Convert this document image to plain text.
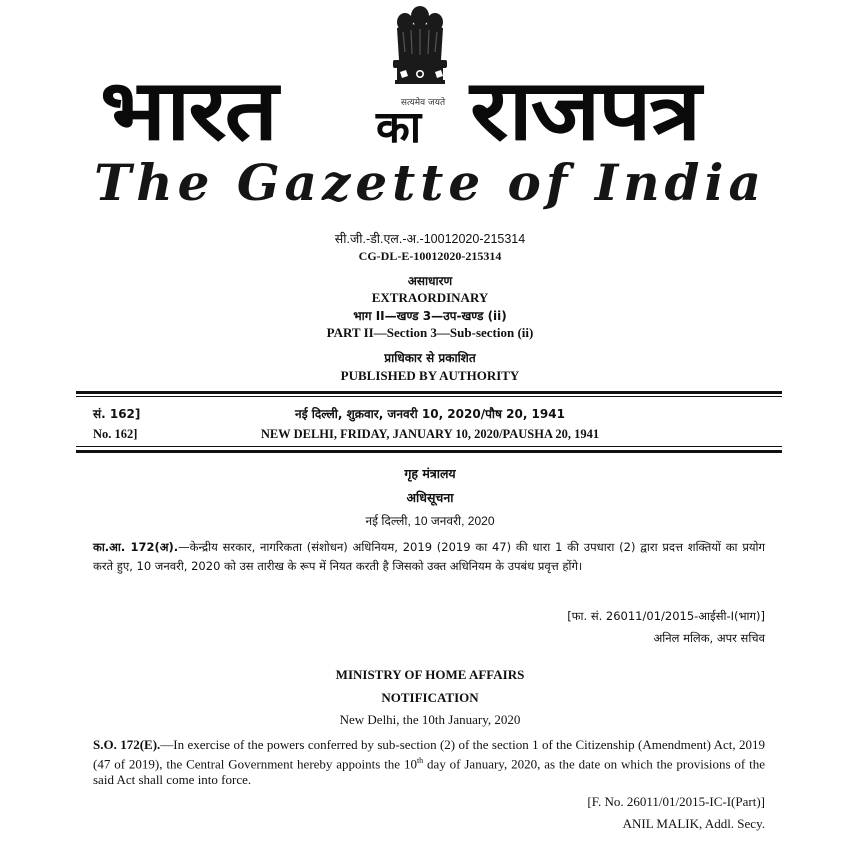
सत्यमेव जयते
भारत का राजपत्र
The Gazette of India
सी.जी.-डी.एल.-अ.-10012020-215314
CG-DL-E-10012020-215314
असाधारण
EXTRAORDINARY
भाग II—खण्ड 3—उप-खण्ड (ii)
PART II—Section 3—Sub-section (ii)
प्राधिकार से प्रकाशित
PUBLISHED BY AUTHORITY
सं. 162]	नई दिल्ली, शुक्रवार, जनवरी 10, 2020/पौष 20, 1941
No. 162]	NEW DELHI, FRIDAY, JANUARY 10, 2020/PAUSHA 20, 1941
गृह मंत्रालय
अधिसूचना
नई दिल्ली, 10 जनवरी, 2020
का.आ. 172(अ).—केन्द्रीय सरकार, नागरिकता (संशोधन) अधिनियम, 2019 (2019 का 47) की धारा 1 की उपधारा (2) द्वारा प्रदत्त शक्तियों का प्रयोग करते हुए, 10 जनवरी, 2020 को उस तारीख के रूप में नियत करती है जिसको उक्त अधिनियम के उपबंध प्रवृत्त होंगे।
[फा. सं. 26011/01/2015-आईसी-I(भाग)]
अनिल मलिक, अपर सचिव
MINISTRY OF HOME AFFAIRS
NOTIFICATION
New Delhi, the 10th January, 2020
S.O. 172(E).—In exercise of the powers conferred by sub-section (2) of the section 1 of the Citizenship (Amendment) Act, 2019 (47 of 2019), the Central Government hereby appoints the 10th day of January, 2020, as the date on which the provisions of the said Act shall come into force.
[F. No. 26011/01/2015-IC-I(Part)]
ANIL MALIK, Addl. Secy.
